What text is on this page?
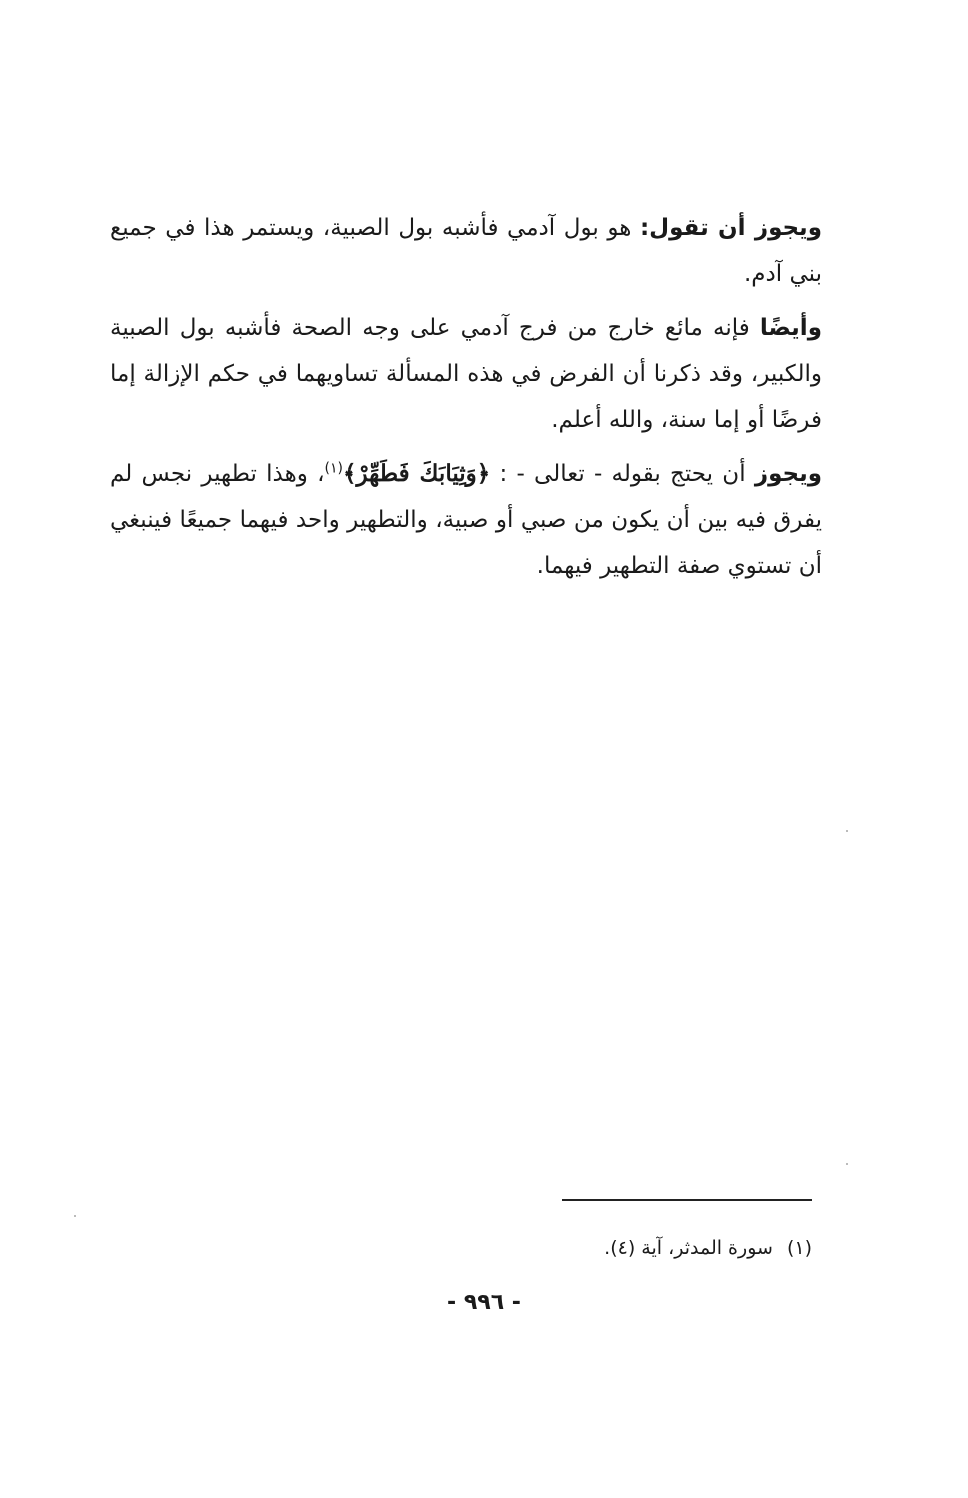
ويجوز أن تقول: هو بول آدمي فأشبه بول الصبية، ويستمر هذا في جميع بني آدم.

وأيضًا فإنه مائع خارج من فرج آدمي على وجه الصحة فأشبه بول الصبية والكبير، وقد ذكرنا أن الفرض في هذه المسألة تساويهما في حكم الإزالة إما فرضًا أو إما سنة، والله أعلم.

ويجوز أن يحتج بقوله - تعالى - : ﴿وَثِيَابَكَ فَطَهِّرْ﴾$^{(١)}$، وهذا تطهير نجس لم يفرق فيه بين أن يكون من صبي أو صبية، والتطهير واحد فيهما جميعًا فينبغي أن تستوي صفة التطهير فيهما.

(١)سورة المدثر، آية (٤).
- ٩٩٦ -
